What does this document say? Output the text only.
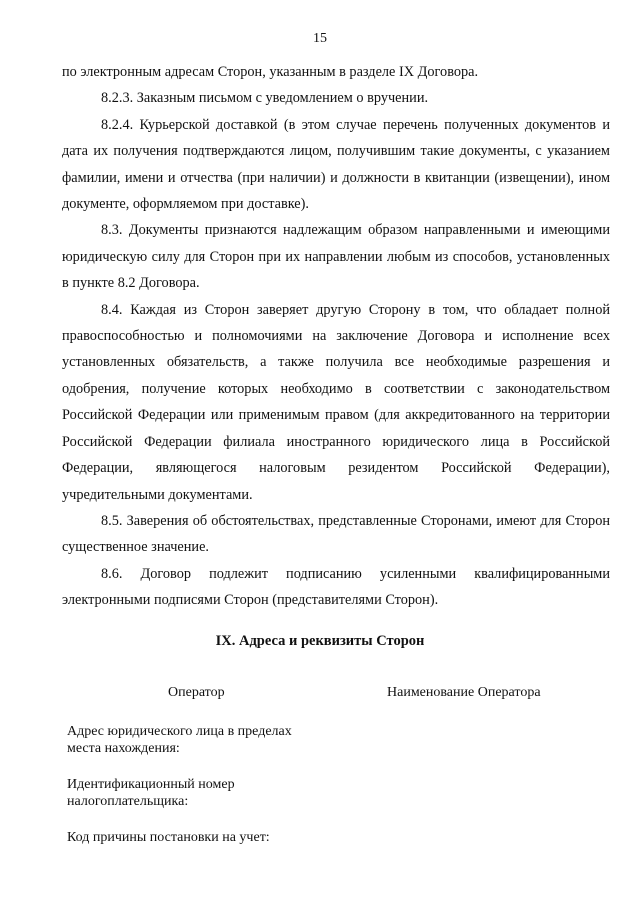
15

по электронным адресам Сторон, указанным в разделе IX Договора.

8.2.3. Заказным письмом с уведомлением о вручении.

8.2.4. Курьерской доставкой (в этом случае перечень полученных документов и дата их получения подтверждаются лицом, получившим такие документы, с указанием фамилии, имени и отчества (при наличии) и должности в квитанции (извещении), ином документе, оформляемом при доставке).

8.3. Документы признаются надлежащим образом направленными и имеющими юридическую силу для Сторон при их направлении любым из способов, установленных в пункте 8.2 Договора.

8.4. Каждая из Сторон заверяет другую Сторону в том, что обладает полной правоспособностью и полномочиями на заключение Договора и исполнение всех установленных обязательств, а также получила все необходимые разрешения и одобрения, получение которых необходимо в соответствии с законодательством Российской Федерации или применимым правом (для аккредитованного на территории Российской Федерации филиала иностранного юридического лица в Российской Федерации, являющегося налоговым резидентом Российской Федерации), учредительными документами.

8.5. Заверения об обстоятельствах, представленные Сторонами, имеют для Сторон существенное значение.

8.6. Договор подлежит подписанию усиленными квалифицированными электронными подписями Сторон (представителями Сторон).

IX. Адреса и реквизиты Сторон
Оператор	Наименование Оператора
Адрес юридического лица в пределах
места нахождения:
Идентификационный номер
налогоплательщика:
Код причины постановки на учет:
